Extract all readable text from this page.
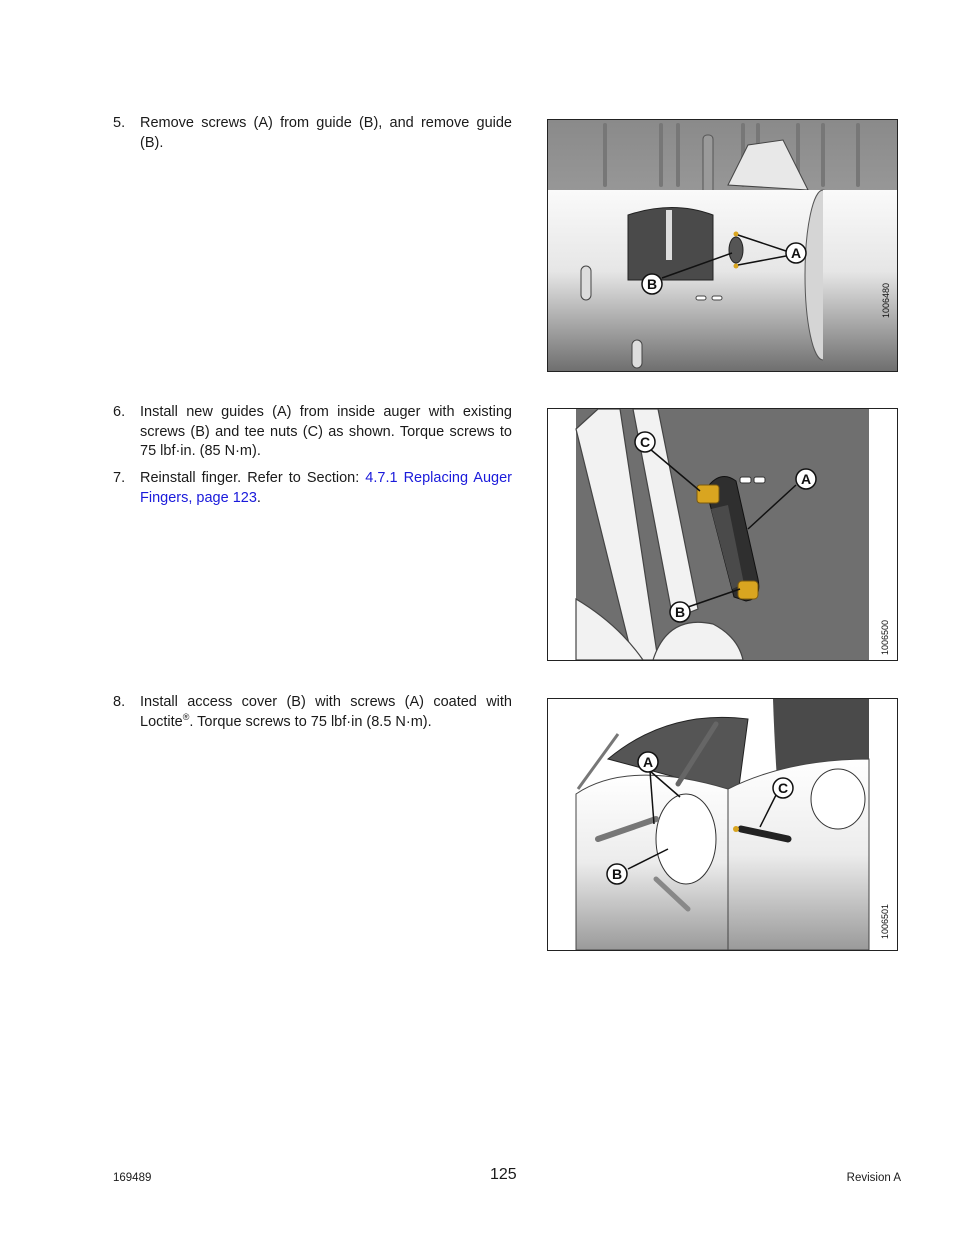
5.	Remove screws (A) from guide (B), and remove guide (B).
A
B	1006480
6.	Install new guides (A) from inside auger with existing screws (B) and tee nuts (C) as shown. Torque screws to 75 lbf·in. (85 N·m).
7.	Reinstall finger. Refer to Section: 4.7.1 Replacing Auger Fingers, page 123.
C
A
B
1006500
8.	Install access cover (B) with screws (A) coated with Loctite®. Torque screws to 75 lbf·in (8.5 N·m).
A
C
B
1006501
169489	125	Revision A
